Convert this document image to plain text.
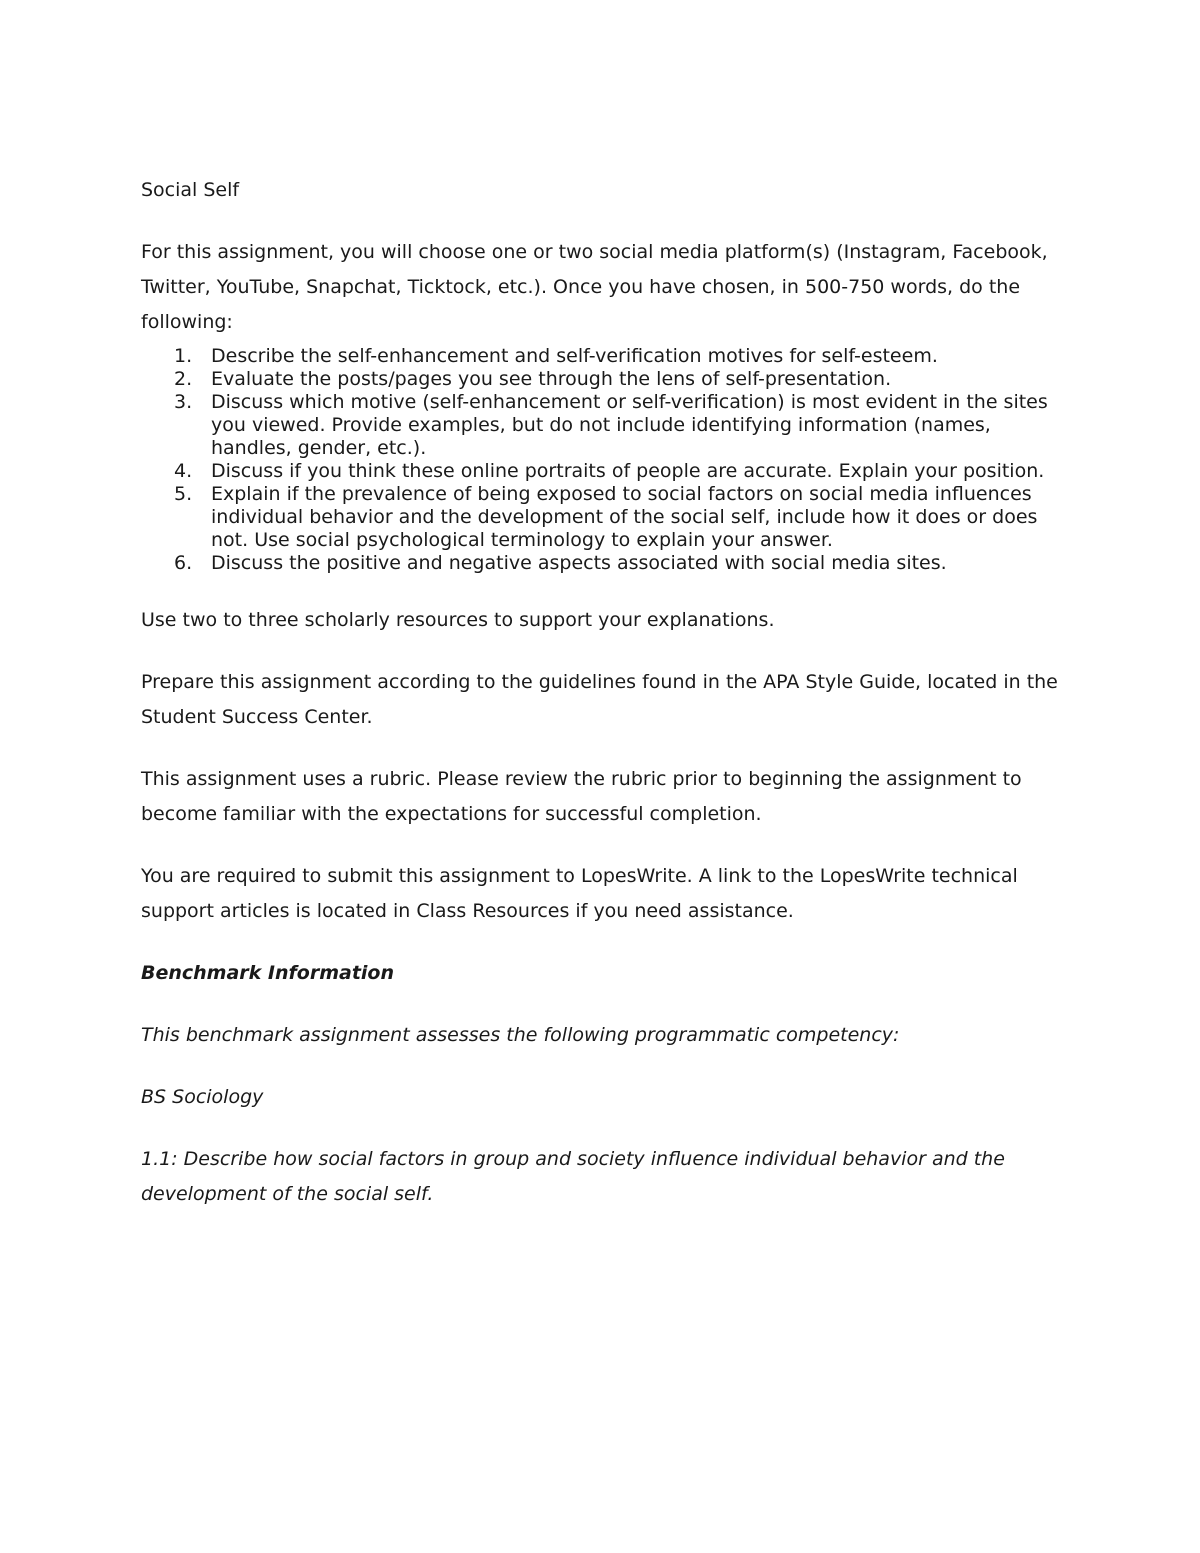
Social Self

For this assignment, you will choose one or two social media platform(s) (Instagram, Facebook, Twitter, YouTube, Snapchat, Ticktock, etc.). Once you have chosen, in 500-750 words, do the following:

1. Describe the self-enhancement and self-verification motives for self-esteem.
2. Evaluate the posts/pages you see through the lens of self-presentation.
3. Discuss which motive (self-enhancement or self-verification) is most evident in the sites you viewed. Provide examples, but do not include identifying information (names, handles, gender, etc.).
4. Discuss if you think these online portraits of people are accurate. Explain your position.
5. Explain if the prevalence of being exposed to social factors on social media influences individual behavior and the development of the social self, include how it does or does not. Use social psychological terminology to explain your answer.
6. Discuss the positive and negative aspects associated with social media sites.

Use two to three scholarly resources to support your explanations.

Prepare this assignment according to the guidelines found in the APA Style Guide, located in the Student Success Center.

This assignment uses a rubric. Please review the rubric prior to beginning the assignment to become familiar with the expectations for successful completion.

You are required to submit this assignment to LopesWrite. A link to the LopesWrite technical support articles is located in Class Resources if you need assistance.

Benchmark Information

This benchmark assignment assesses the following programmatic competency:

BS Sociology

1.1: Describe how social factors in group and society influence individual behavior and the development of the social self.
